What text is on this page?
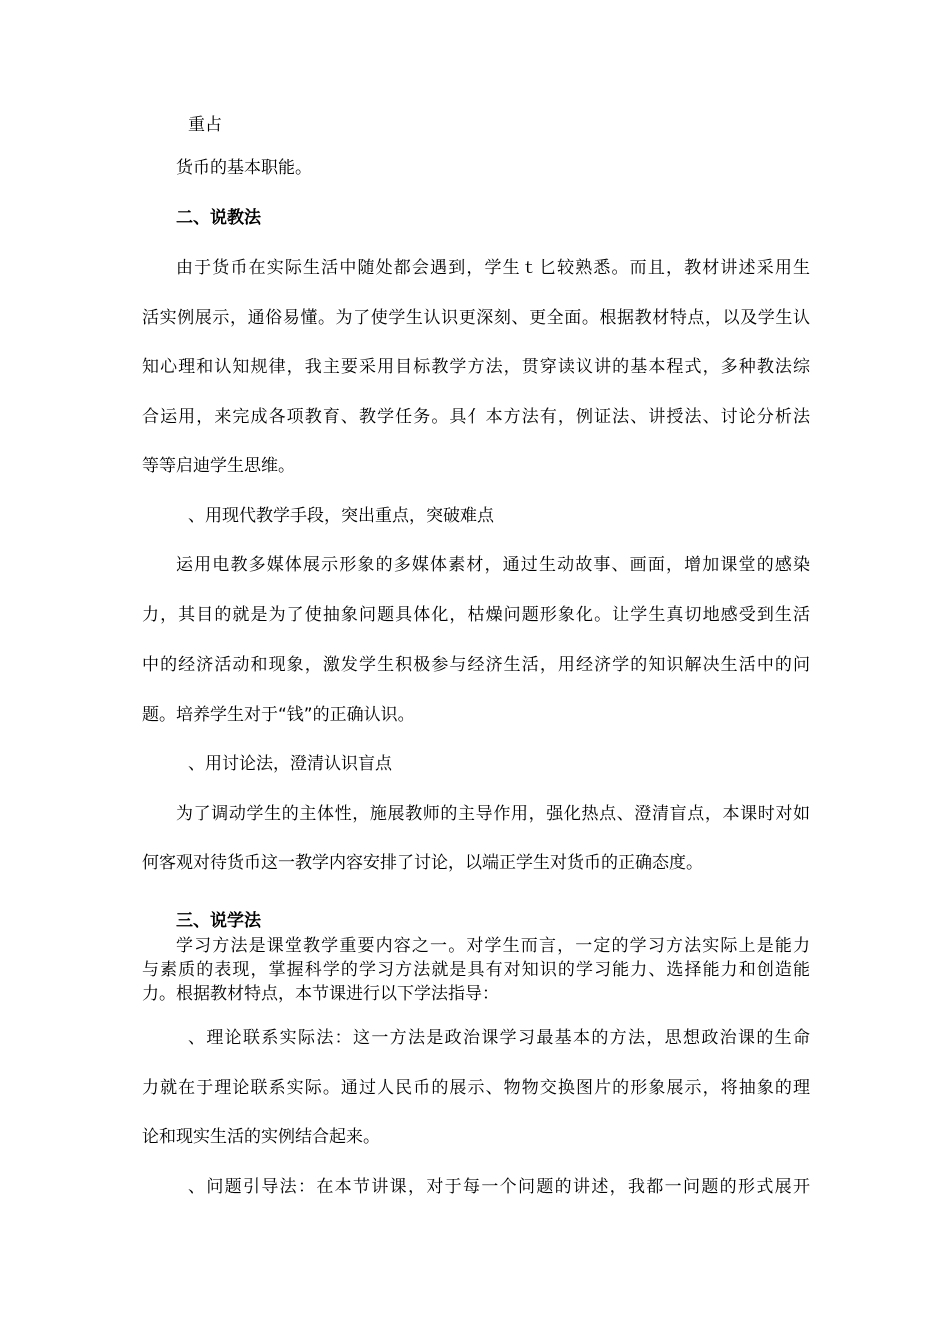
重占
货币的基本职能。
二、说教法
由于货币在实际生活中随处都会遇到，学生ｔ匕较熟悉。而且，教材讲述采用生
活实例展示，通俗易懂。为了使学生认识更深刻、更全面。根据教材特点，以及学生认
知心理和认知规律，我主要采用目标教学方法，贯穿读议讲的基本程式，多种教法综
合运用，来完成各项教育、教学任务。具亻本方法有，例证法、讲授法、讨论分析法
等等启迪学生思维。
、用现代教学手段，突出重点，突破难点
运用电教多媒体展示形象的多媒体素材，通过生动故事、画面，增加课堂的感染
力，其目的就是为了使抽象问题具体化，枯燥问题形象化。让学生真切地感受到生活
中的经济活动和现象，激发学生积极参与经济生活，用经济学的知识解决生活中的问
题。培养学生对于“钱”的正确认识。
、用讨论法，澄清认识盲点
为了调动学生的主体性，施展教师的主导作用，强化热点、澄清盲点，本课时对如
何客观对待货币这一教学内容安排了讨论，以端正学生对货币的正确态度。
三、说学法
学习方法是课堂教学重要内容之一。对学生而言，一定的学习方法实际上是能力
与素质的表现，掌握科学的学习方法就是具有对知识的学习能力、选择能力和创造能
力。根据教材特点，本节课进行以下学法指导：
、理论联系实际法：这一方法是政治课学习最基本的方法，思想政治课的生命
力就在于理论联系实际。通过人民币的展示、物物交换图片的形象展示，将抽象的理
论和现实生活的实例结合起来。
、问题引导法：在本节讲课，对于每一个问题的讲述，我都一问题的形式展开
